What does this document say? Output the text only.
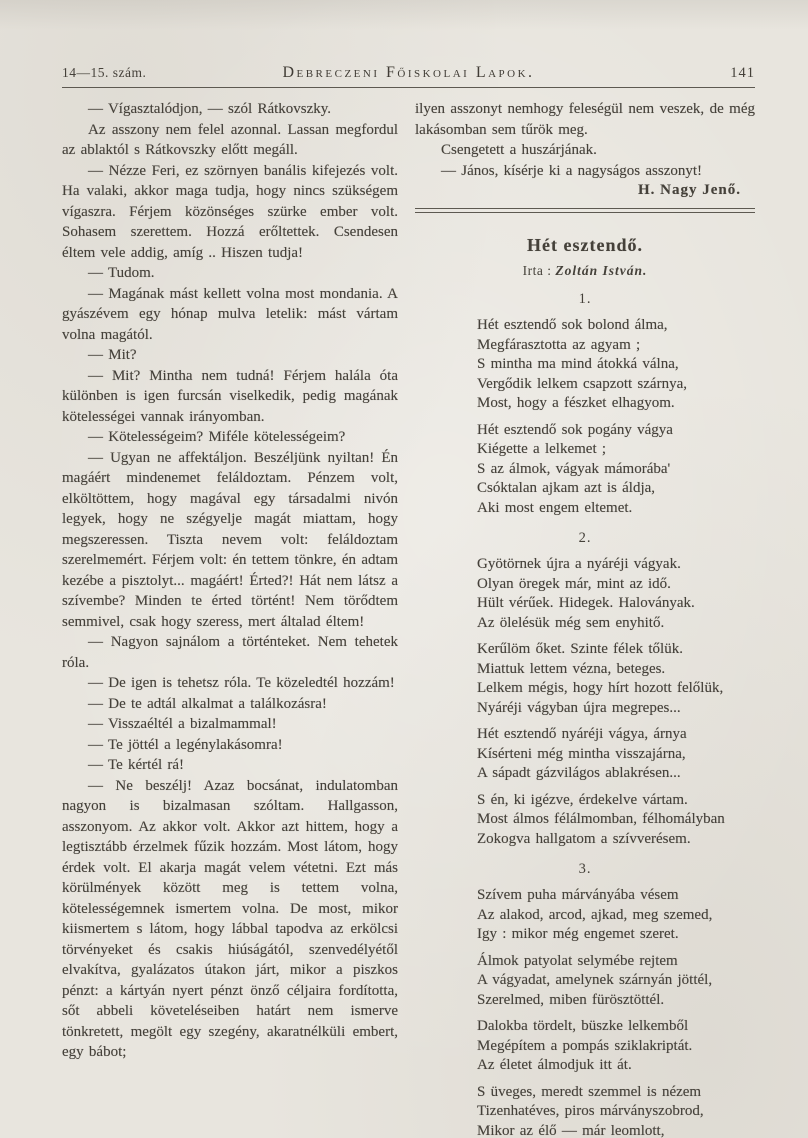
14—15. szám.	Debreczeni Főiskolai Lapok.	141

— Vígasztalódjon, — szól Rátkovszky.

Az asszony nem felel azonnal. Lassan megfordul az ablaktól s Rátkovszky előtt megáll.

— Nézze Feri, ez szörnyen banális kifejezés volt. Ha valaki, akkor maga tudja, hogy nincs szükségem vígaszra. Férjem közönséges szürke ember volt. Sohasem szerettem. Hozzá erőltettek. Csendesen éltem vele addig, amíg .. Hiszen tudja!

— Tudom.

— Magának mást kellett volna most mondania. A gyászévem egy hónap mulva letelik: mást vártam volna magától.

— Mit?

— Mit? Mintha nem tudná! Férjem halála óta különben is igen furcsán viselkedik, pedig magának kötelességei vannak irányomban.

— Kötelességeim? Miféle kötelességeim?

— Ugyan ne affektáljon. Beszéljünk nyiltan! Én magáért mindenemet feláldoztam. Pénzem volt, elköltöttem, hogy magával egy társadalmi nivón legyek, hogy ne szégyelje magát miattam, hogy megszeressen. Tiszta nevem volt: feláldoztam szerelmemért. Férjem volt: én tettem tönkre, én adtam kezébe a pisztolyt... magáért! Érted?! Hát nem látsz a szívembe? Minden te érted történt! Nem törődtem semmivel, csak hogy szeress, mert általad éltem!

— Nagyon sajnálom a történteket. Nem tehetek róla.

— De igen is tehetsz róla. Te közeledtél hozzám!

— De te adtál alkalmat a találkozásra!

— Visszaéltél a bizalmammal!

— Te jöttél a legénylakásomra!

— Te kértél rá!

— Ne beszélj! Azaz bocsánat, indulatomban nagyon is bizalmasan szóltam. Hallgasson, asszonyom. Az akkor volt. Akkor azt hittem, hogy a legtisztább érzelmek fűzik hozzám. Most látom, hogy érdek volt. El akarja magát velem vétetni. Ezt más körülmények között meg is tettem volna, kötelességemnek ismertem volna. De most, mikor kiismertem s látom, hogy lábbal tapodva az erkölcsi törvényeket és csakis hiúságától, szenvedélyétől elvakítva, gyalázatos útakon járt, mikor a piszkos pénzt: a kártyán nyert pénzt önző céljaira fordította, sőt abbeli követeléseiben határt nem ismerve tönkretett, megölt egy szegény, akaratnélküli embert, egy bábot;

ilyen asszonyt nemhogy feleségül nem veszek, de még lakásomban sem tűrök meg.

Csengetett a huszárjának.

— János, kísérje ki a nagyságos asszonyt!

H. Nagy Jenő.
Hét esztendő.
Irta : Zoltán István.
1.
Hét esztendő sok bolond álma,
Megfárasztotta az agyam ;
S mintha ma mind átokká válna,
Vergődik lelkem csapzott szárnya,
Most, hogy a fészket elhagyom.
Hét esztendő sok pogány vágya
Kiégette a lelkemet ;
S az álmok, vágyak mámorába'
Csóktalan ajkam azt is áldja,
Aki most engem eltemet.
2.
Gyötörnek újra a nyáréji vágyak.
Olyan öregek már, mint az idő.
Hült vérűek. Hidegek. Haloványak.
Az ölelésük még sem enyhitő.
Kerűlöm őket. Szinte félek tőlük.
Miattuk lettem vézna, beteges.
Lelkem mégis, hogy hírt hozott felőlük,
Nyáréji vágyban újra megrepes...
Hét esztendő nyáréji vágya, árnya
Kísérteni még mintha visszajárna,
A sápadt gázvilágos ablakrésen...
S én, ki igézve, érdekelve vártam.
Most álmos félálmomban, félhomályban
Zokogva hallgatom a szívverésem.
3.
Szívem puha márványába vésem
Az alakod, arcod, ajkad, meg szemed,
Igy : mikor még engemet szeret.
Álmok patyolat selymébe rejtem
A vágyadat, amelynek szárnyán jöttél,
Szerelmed, miben fürösztöttél.
Dalokba tördelt, büszke lelkemből
Megépítem a pompás sziklakriptát.
Az életet álmodjuk itt át.
S üveges, meredt szemmel is nézem
Tizenhatéves, piros márványszobrod,
Mikor az élő — már leomlott,
